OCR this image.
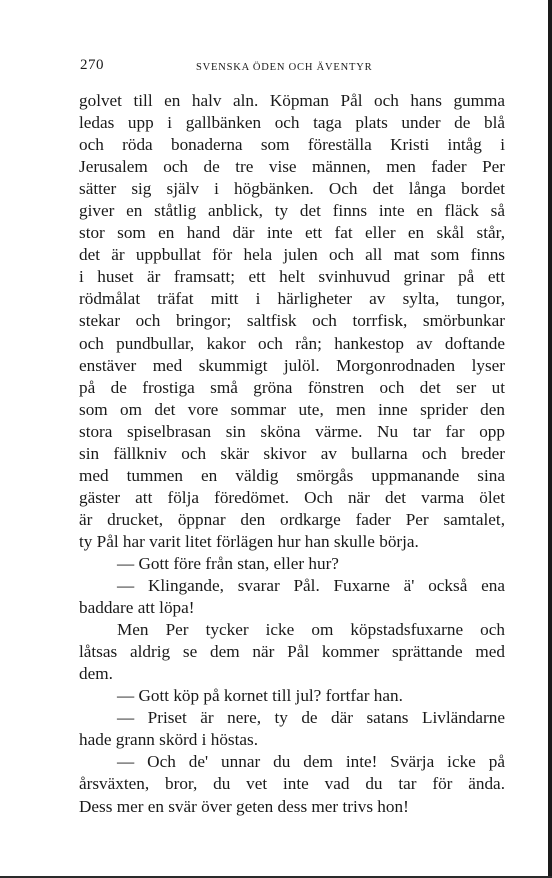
270	SVENSKA ÖDEN OCH ÄVENTYR
golvet till en halv aln. Köpman Pål och hans gumma
ledas upp i gallbänken och taga plats under de blå
och röda bonaderna som föreställa Kristi intåg i
Jerusalem och de tre vise männen, men fader Per
sätter sig själv i högbänken. Och det långa bordet
giver en ståtlig anblick, ty det finns inte en fläck så
stor som en hand där inte ett fat eller en skål står,
det är uppbullat för hela julen och all mat som finns
i huset är framsatt; ett helt svinhuvud grinar på ett
rödmålat träfat mitt i härligheter av sylta, tungor,
stekar och bringor; saltfisk och torrfisk, smörbunkar
och pundbullar, kakor och rån; hankestop av doftande
enstäver med skummigt julöl. Morgonrodnaden lyser
på de frostiga små gröna fönstren och det ser ut
som om det vore sommar ute, men inne sprider den
stora spiselbrasan sin sköna värme. Nu tar far opp
sin fällkniv och skär skivor av bullarna och breder
med tummen en väldig smörgås uppmanande sina
gäster att följa föredömet. Och när det varma ölet
är drucket, öppnar den ordkarge fader Per samtalet,
ty Pål har varit litet förlägen hur han skulle börja.
— Gott före från stan, eller hur?
— Klingande, svarar Pål. Fuxarne ä' också ena
baddare att löpa!
Men Per tycker icke om köpstadsfuxarne och
låtsas aldrig se dem när Pål kommer sprättande med
dem.
— Gott köp på kornet till jul? fortfar han.
— Priset är nere, ty de där satans Livländarne
hade grann skörd i höstas.
— Och de' unnar du dem inte! Svärja icke på
årsväxten, bror, du vet inte vad du tar för ända.
Dess mer en svär över geten dess mer trivs hon!
